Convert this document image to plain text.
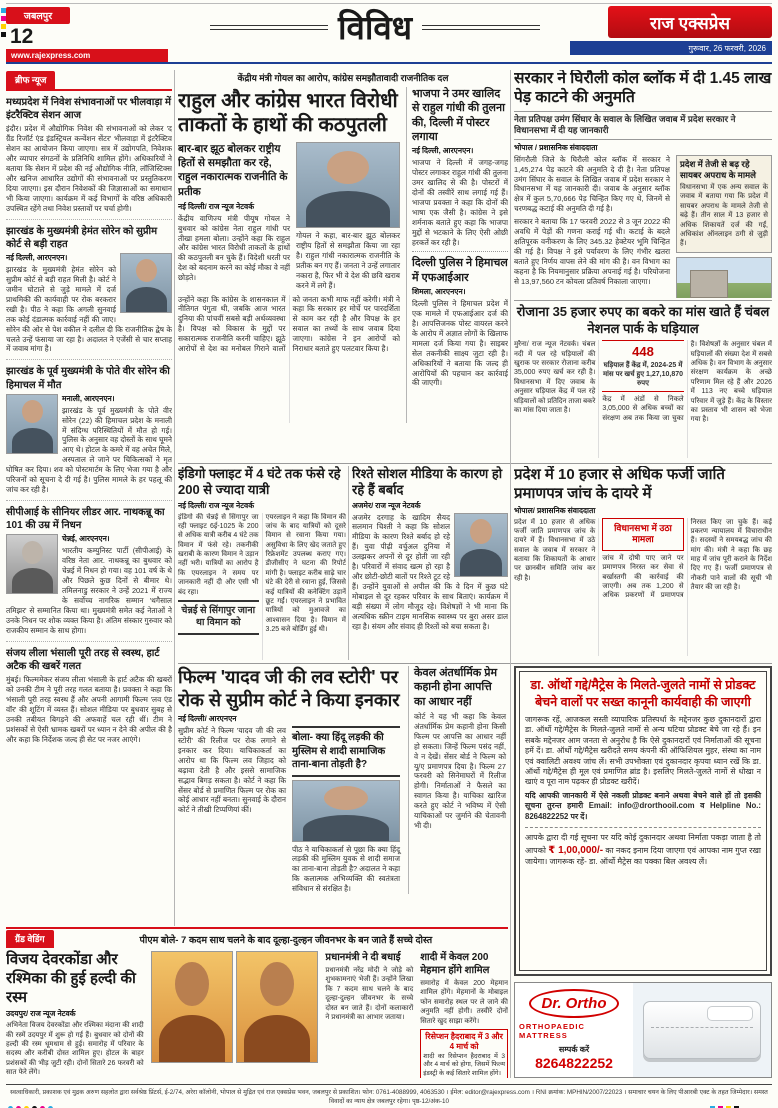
जबलपुर
12
www.rajexpress.com
विविध	राज एक्सप्रेस
गुरूवार, 26 फरवरी, 2026
ब्रीफ न्यूज
मध्यप्रदेश में निवेश संभावनाओं पर भीलवाड़ा में इंटरैक्टिव सेशन आज

इंदौर। प्रदेश में औद्योगिक निवेश की संभावनाओं को लेकर 'द ग्रैंड रिजॉर्ट एंड इंडस्ट्रियल कन्वेंशन सेंटर' भीलवाड़ा में इंटरैक्टिव सेशन का आयोजन किया जाएगा। सत्र में उद्योगपति, निवेशक और व्यापार संगठनों के प्रतिनिधि शामिल होंगे। अधिकारियों ने बताया कि सेशन में प्रदेश की नई औद्योगिक नीति, लॉजिस्टिक्स और खनिज आधारित उद्योगों की संभावनाओं पर प्रस्तुतिकरण दिया जाएगा। इस दौरान निवेशकों की जिज्ञासाओं का समाधान भी किया जाएगा। कार्यक्रम में कई विभागों के वरिष्ठ अधिकारी उपस्थित रहेंगे तथा निवेश प्रस्तावों पर चर्चा होगी।

झारखंड के मुख्यमंत्री हेमंत सोरेन को सुप्रीम कोर्ट से बड़ी राहत
नई दिल्ली, आरएनएन।

झारखंड के मुख्यमंत्री हेमंत सोरेन को सुप्रीम कोर्ट से बड़ी राहत मिली है। कोर्ट ने जमीन घोटाले से जुड़े मामले में दर्ज प्राथमिकी की कार्यवाही पर रोक बरकरार रखी है। पीठ ने कहा कि अगली सुनवाई तक कोई दंडात्मक कार्रवाई नहीं की जाए। सोरेन की ओर से पेश वकील ने दलील दी कि राजनीतिक द्वेष के चलते उन्हें फंसाया जा रहा है। अदालत ने एजेंसी से चार सप्ताह में जवाब मांगा है।

झारखंड के पूर्व मुख्यमंत्री के पोते वीर सोरेन की हिमाचल में मौत
मनाली, आरएनएन।

झारखंड के पूर्व मुख्यमंत्री के पोते वीर सोरेन (22) की हिमाचल प्रदेश के मनाली में संदिग्ध परिस्थितियों में मौत हो गई। पुलिस के अनुसार वह दोस्तों के साथ घूमने आए थे। होटल के कमरे में वह अचेत मिले, अस्पताल ले जाने पर चिकित्सकों ने मृत घोषित कर दिया। शव को पोस्टमार्टम के लिए भेजा गया है और परिजनों को सूचना दे दी गई है। पुलिस मामले के हर पहलू की जांच कर रही है।

सीपीआई के सीनियर लीडर आर. नाथकन्नू का 101 की उम्र में निधन
चेन्नई, आरएनएन।

भारतीय कम्युनिस्ट पार्टी (सीपीआई) के वरिष्ठ नेता आर. नाथकन्नू का बुधवार को चेन्नई में निधन हो गया। वह 101 वर्ष के थे और पिछले कुछ दिनों से बीमार थे। तमिलनाडु सरकार ने उन्हें 2021 में राज्य के सर्वोच्च नागरिक सम्मान 'थगैसाल तमिझर' से सम्मानित किया था। मुख्यमंत्री समेत कई नेताओं ने उनके निधन पर शोक व्यक्त किया है। अंतिम संस्कार गुरुवार को राजकीय सम्मान के साथ होगा।

संजय लीला भंसाली पूरी तरह से स्वस्थ, हार्ट अटैक की खबरें गलत

मुंबई। फिल्ममेकर संजय लीला भंसाली के हार्ट अटैक की खबरों को उनकी टीम ने पूरी तरह गलत बताया है। प्रवक्ता ने कहा कि भंसाली पूरी तरह स्वस्थ हैं और अपनी आगामी फिल्म 'लव एंड वॉर' की शूटिंग में व्यस्त हैं। सोशल मीडिया पर बुधवार सुबह से उनकी तबीयत बिगड़ने की अफवाहें चल रही थीं। टीम ने प्रशंसकों से ऐसी भ्रामक खबरों पर ध्यान न देने की अपील की है और कहा कि निर्देशक जल्द ही सेट पर नजर आएंगे।

केंद्रीय मंत्री गोयल का आरोप, कांग्रेस समझौतावादी राजनीतिक दल
राहुल और कांग्रेस भारत विरोधी ताकतों के हाथों की कठपुतली
बार-बार झूठ बोलकर राष्ट्रीय हितों से समझौता कर रहे, राहुल नकारात्मक राजनीति के प्रतीक
नई दिल्ली/ राज न्यूज नेटवर्क

केंद्रीय वाणिज्य मंत्री पीयूष गोयल ने बुधवार को कांग्रेस नेता राहुल गांधी पर तीखा हमला बोला। उन्होंने कहा कि राहुल और कांग्रेस भारत विरोधी ताकतों के हाथों की कठपुतली बन चुके हैं। विदेशी धरती पर देश को बदनाम करने का कोई मौका वे नहीं छोड़ते।

गोयल ने कहा, बार-बार झूठ बोलकर राष्ट्रीय हितों से समझौता किया जा रहा है। राहुल गांधी नकारात्मक राजनीति के प्रतीक बन गए हैं। जनता ने उन्हें लगातार नकारा है, फिर भी वे देश की छवि खराब करने में लगे हैं।

उन्होंने कहा कि कांग्रेस के शासनकाल में नीतिगत पंगुता थी, जबकि आज भारत दुनिया की पांचवीं सबसे बड़ी अर्थव्यवस्था है। विपक्ष को विकास के मुद्दों पर सकारात्मक राजनीति करनी चाहिए। झूठे आरोपों से देश का मनोबल गिराने वालों को जनता कभी माफ नहीं करेगी। मंत्री ने कहा कि सरकार हर मोर्चे पर पारदर्शिता से काम कर रही है और विपक्ष के हर सवाल का तथ्यों के साथ जवाब दिया जाएगा। कांग्रेस ने इन आरोपों को निराधार बताते हुए पलटवार किया है।
भाजपा ने उमर खालिद से राहुल गांधी की तुलना की, दिल्ली में पोस्टर लगाया
नई दिल्ली, आरएनएन।

भाजपा ने दिल्ली में जगह-जगह पोस्टर लगाकर राहुल गांधी की तुलना उमर खालिद से की है। पोस्टरों में दोनों की तस्वीरें साथ लगाई गई हैं। भाजपा प्रवक्ता ने कहा कि दोनों की भाषा एक जैसी है। कांग्रेस ने इसे शर्मनाक बताते हुए कहा कि भाजपा मुद्दों से भटकाने के लिए ऐसी ओछी हरकतें कर रही है।

दिल्ली पुलिस ने हिमाचल में एफआईआर
शिमला, आरएनएन।

दिल्ली पुलिस ने हिमाचल प्रदेश में एक मामले में एफआईआर दर्ज की है। आपत्तिजनक पोस्ट वायरल करने के आरोप में अज्ञात लोगों के खिलाफ मामला दर्ज किया गया है। साइबर सेल तकनीकी साक्ष्य जुटा रही है। अधिकारियों ने बताया कि जल्द ही आरोपियों की पहचान कर कार्रवाई की जाएगी।

सरकार ने घिरौली कोल ब्लॉक में दी 1.45 लाख पेड़ काटने की अनुमति
नेता प्रतिपक्ष उमंग सिंघार के सवाल के लिखित जवाब में प्रदेश सरकार ने विधानसभा में दी यह जानकारी
भोपाल / प्रशासनिक संवाददाता

सिंगरौली जिले के घिरौली कोल ब्लॉक में सरकार ने 1,45,274 पेड़ काटने की अनुमति दे दी है। नेता प्रतिपक्ष उमंग सिंघार के सवाल के लिखित जवाब में प्रदेश सरकार ने विधानसभा में यह जानकारी दी। जवाब के अनुसार ब्लॉक क्षेत्र में कुल 5,70,666 पेड़ चिन्हित किए गए थे, जिनमें से चरणबद्ध कटाई की अनुमति दी गई है।

सरकार ने बताया कि 17 फरवरी 2022 से 3 जून 2022 की अवधि में पेड़ों की गणना कराई गई थी। कटाई के बदले क्षतिपूरक वनीकरण के लिए 345.32 हेक्टेयर भूमि चिन्हित की गई है। विपक्ष ने इसे पर्यावरण के लिए गंभीर खतरा बताते हुए निर्णय वापस लेने की मांग की है। वन विभाग का कहना है कि नियमानुसार प्रक्रिया अपनाई गई है। परियोजना से 13,97,560 टन कोयला प्रतिवर्ष निकाला जाएगा।

प्रदेश में तेजी से बढ़ रहे सायबर अपराध के मामले

विधानसभा में एक अन्य सवाल के जवाब में बताया गया कि प्रदेश में सायबर अपराध के मामले तेजी से बढ़े हैं। तीन साल में 13 हजार से अधिक शिकायतें दर्ज की गईं, अधिकांश ऑनलाइन ठगी से जुड़ी हैं।

रोजाना 35 हजार रुपए का बकरे का मांस खाते हैं चंबल नेशनल पार्क के घड़ियाल

मुरैना/ राज न्यूज नेटवर्क। चंबल नदी में पल रहे घड़ियालों की खुराक पर सरकार रोजाना करीब 35,000 रुपए खर्च कर रही है। विधानसभा में दिए जवाब के अनुसार घड़ियाल केंद्र में पल रहे घड़ियालों को प्रतिदिन ताजा बकरे का मांस दिया जाता है।

448
घड़ियाल हैं केंद्र में, 2024-25 में मांस पर खर्च हुए 1,27,10,870 रुपए

केंद्र में अंडों से निकले 3,05,000 से अधिक बच्चों का संरक्षण अब तक किया जा चुका है। विशेषज्ञों के अनुसार चंबल में घड़ियालों की संख्या देश में सबसे अधिक है। वन विभाग के अनुसार संरक्षण कार्यक्रम के अच्छे परिणाम मिल रहे हैं और 2026 में 113 नए बच्चे घड़ियाल परिवार में जुड़े हैं। केंद्र के विस्तार का प्रस्ताव भी शासन को भेजा गया है।

इंडिगो फ्लाइट में 4 घंटे तक फंसे रहे 200 से ज्यादा यात्री
नई दिल्ली/ राज न्यूज नेटवर्क

इंडिगो की चेन्नई से सिंगापुर जा रही फ्लाइट 6ई-1025 के 200 से अधिक यात्री करीब 4 घंटे तक विमान में फंसे रहे। तकनीकी खराबी के कारण विमान ने उड़ान नहीं भरी। यात्रियों का आरोप है कि एयरलाइन ने समय पर जानकारी नहीं दी और एसी भी बंद रहा।

चेन्नई से सिंगापुर जाना था विमान को

एयरलाइन ने कहा कि विमान की जांच के बाद यात्रियों को दूसरे विमान से रवाना किया गया। असुविधा के लिए खेद जताते हुए रिफ्रेशमेंट उपलब्ध कराए गए। डीजीसीए ने घटना की रिपोर्ट मांगी है। फ्लाइट करीब साढ़े चार घंटे की देरी से रवाना हुई, जिससे कई यात्रियों की कनेक्टिंग उड़ानें छूट गईं। एयरलाइन ने प्रभावित यात्रियों को मुआवजे का आश्वासन दिया है। विमान में 3.25 बजे बोर्डिंग हुई थी।

रिश्ते सोशल मीडिया के कारण हो रहे हैं बर्बाद
अजमेर/ राज न्यूज नेटवर्क

अजमेर दरगाह के खादिम सैयद सलमान चिश्ती ने कहा कि सोशल मीडिया के कारण रिश्ते बर्बाद हो रहे हैं। युवा पीढ़ी वर्चुअल दुनिया में उलझकर अपनों से दूर होती जा रही है। परिवारों में संवाद खत्म हो रहा है और छोटी-छोटी बातों पर रिश्ते टूट रहे हैं। उन्होंने युवाओं से अपील की कि वे दिन में कुछ घंटे मोबाइल से दूर रहकर परिवार के साथ बिताएं। कार्यक्रम में बड़ी संख्या में लोग मौजूद रहे। विशेषज्ञों ने भी माना कि अत्यधिक स्क्रीन टाइम मानसिक स्वास्थ्य पर बुरा असर डाल रहा है। संयम और संवाद ही रिश्तों को बचा सकता है।

प्रदेश में 10 हजार से अधिक फर्जी जाति प्रमाणपत्र जांच के दायरे में
भोपाल/ प्रशासनिक संवाददाता

प्रदेश में 10 हजार से अधिक फर्जी जाति प्रमाणपत्र जांच के दायरे में हैं। विधानसभा में उठे सवाल के जवाब में सरकार ने बताया कि शिकायतों के आधार पर छानबीन समिति जांच कर रही है।

विधानसभा में उठा मामला

जांच में दोषी पाए जाने पर प्रमाणपत्र निरस्त कर सेवा से बर्खास्तगी की कार्रवाई की जाएगी। अब तक 1,200 से अधिक प्रकरणों में प्रमाणपत्र निरस्त किए जा चुके हैं। कई प्रकरण न्यायालय में विचाराधीन हैं। सदस्यों ने समयबद्ध जांच की मांग की। मंत्री ने कहा कि छह माह में जांच पूरी कराने के निर्देश दिए गए हैं। फर्जी प्रमाणपत्र से नौकरी पाने वालों की सूची भी तैयार की जा रही है।

फिल्म 'यादव जी की लव स्टोरी' पर रोक से सुप्रीम कोर्ट ने किया इनकार
नई दिल्ली/ आरएनएन

सुप्रीम कोर्ट ने फिल्म 'यादव जी की लव स्टोरी' की रिलीज पर रोक लगाने से इनकार कर दिया। याचिकाकर्ता का आरोप था कि फिल्म लव जिहाद को बढ़ावा देती है और इससे सामाजिक सद्भाव बिगड़ सकता है। कोर्ट ने कहा कि सेंसर बोर्ड से प्रमाणित फिल्म पर रोक का कोई आधार नहीं बनता। सुनवाई के दौरान कोर्ट ने तीखी टिप्पणियां कीं।

बोला- क्या हिंदू लड़की की मुस्लिम से शादी सामाजिक ताना-बाना तोड़ती है?

पीठ ने याचिकाकर्ता से पूछा कि क्या हिंदू लड़की की मुस्लिम युवक से शादी समाज का ताना-बाना तोड़ती है? अदालत ने कहा कि कलात्मक अभिव्यक्ति की स्वतंत्रता संविधान से संरक्षित है।

केवल अंतर्धार्मिक प्रेम कहानी होना आपत्ति का आधार नहीं

कोर्ट ने यह भी कहा कि केवल अंतर्धार्मिक प्रेम कहानी होना किसी फिल्म पर आपत्ति का आधार नहीं हो सकता। जिन्हें फिल्म पसंद नहीं, वे न देखें। सेंसर बोर्ड ने फिल्म को यू/ए प्रमाणपत्र दिया है। फिल्म 27 फरवरी को सिनेमाघरों में रिलीज होगी। निर्माताओं ने फैसले का स्वागत किया है। याचिका खारिज करते हुए कोर्ट ने भविष्य में ऐसी याचिकाओं पर जुर्माने की चेतावनी भी दी।

डा. ऑर्थो गद्दे/मैट्रेस के मिलते-जुलते नामों से प्रोडक्ट बेचने वालों पर सख्त कानूनी कार्यवाही की जाएगी

जागरूक रहें, आजकल सस्ती व्यापारिक प्रतिस्पर्धा के मद्देनजर कुछ दुकानदारों द्वारा डा. ऑर्थो गद्दे/मैट्रेस के मिलते-जुलते नामों से अन्य घटिया प्रोडक्ट बेचे जा रहे हैं। इन सबके मद्देनजर आम जनता से अनुरोध है कि ऐसे दुकानदारों एवं निर्माताओं की सूचना हमें दें। डा. ऑर्थो गद्दे/मैट्रेस खरीदते समय कंपनी की ऑफिशियल मुहर, संस्था का नाम एवं क्वालिटी अवश्य जांच लें। सभी उपभोक्ता एवं दुकानदार कृपया ध्यान रखें कि डा. ऑर्थो गद्दे/मैट्रेस ही मूल एवं प्रमाणित ब्रांड है। इसलिए मिलते-जुलते नामों से धोखा न खाएं व पूरा नाम पढ़कर ही प्रोडक्ट खरीदें।

यदि आपकी जानकारी में ऐसे नकली प्रोडक्ट बनाने अथवा बेचने वाले हों तो इसकी सूचना तुरन्त हमारी Email: info@drorthooil.com व Helpline No.: 8264822252 पर दें।

आपके द्वारा दी गई सूचना पर यदि कोई दुकानदार अथवा निर्माता पकड़ा जाता है तो आपको ₹ 1,00,000/- का नकद इनाम दिया जाएगा एवं आपका नाम गुप्त रखा जायेगा। जागरूक रहें- डा. ऑर्थो मैट्रेस का पक्का बिल अवश्य लें।

Dr. Ortho
ORTHOPAEDIC MATTRESS
सम्पर्क करें
8264822252
ग्रैंड वेडिंग	पीएम बोले- 7 कदम साथ चलने के बाद दूल्हा-दुल्हन जीवनभर के बन जाते हैं सच्चे दोस्त
विजय देवरकोंडा और रश्मिका की हुई हल्दी की रस्म
उदयपुर/ राज न्यूज नेटवर्क

अभिनेता विजय देवरकोंडा और रश्मिका मंदाना की शादी की रस्में उदयपुर में शुरू हो गई हैं। बुधवार को दोनों की हल्दी की रस्म धूमधाम से हुई। समारोह में परिवार के सदस्य और करीबी दोस्त शामिल हुए। होटल के बाहर प्रशंसकों की भीड़ जुटी रही। दोनों सितारे 26 फरवरी को सात फेरे लेंगे।

प्रधानमंत्री ने दी बधाई

प्रधानमंत्री नरेंद्र मोदी ने जोड़े को शुभकामनाएं भेजी हैं। उन्होंने लिखा कि 7 कदम साथ चलने के बाद दूल्हा-दुल्हन जीवनभर के सच्चे दोस्त बन जाते हैं। दोनों कलाकारों ने प्रधानमंत्री का आभार जताया।

शादी में केवल 200 मेहमान होंगे शामिल

समारोह में केवल 200 मेहमान शामिल होंगे। मेहमानों के मोबाइल फोन समारोह स्थल पर ले जाने की अनुमति नहीं होगी। तस्वीरें दोनों सितारे खुद साझा करेंगे।

रिसेप्शन हैदराबाद में 3 और 4 मार्च को

शादी का रिसेप्शन हैदराबाद में 3 और 4 मार्च को होगा, जिसमें फिल्म इंडस्ट्री के कई सितारे शामिल होंगे।

स्वत्वाधिकारी, प्रकाशक एवं मुद्रक अरुण सहलोत द्वारा सर्वश्रेष्ठ प्रिंटर्स, ई-2/74, अरेरा कॉलोनी, भोपाल से मुद्रित एवं राज एक्सप्रेस भवन, जबलपुर से प्रकाशित। फोन: 0761-4088999, 4063530 । ईमेल: editor@rajexpress.com । RNI क्रमांक: MPHIN/2007/22023 । समाचार चयन के लिए पीआरबी एक्ट के तहत जिम्मेदार। समस्त विवादों का न्याय क्षेत्र जबलपुर रहेगा। पृष्ठ-12/अंक-10
